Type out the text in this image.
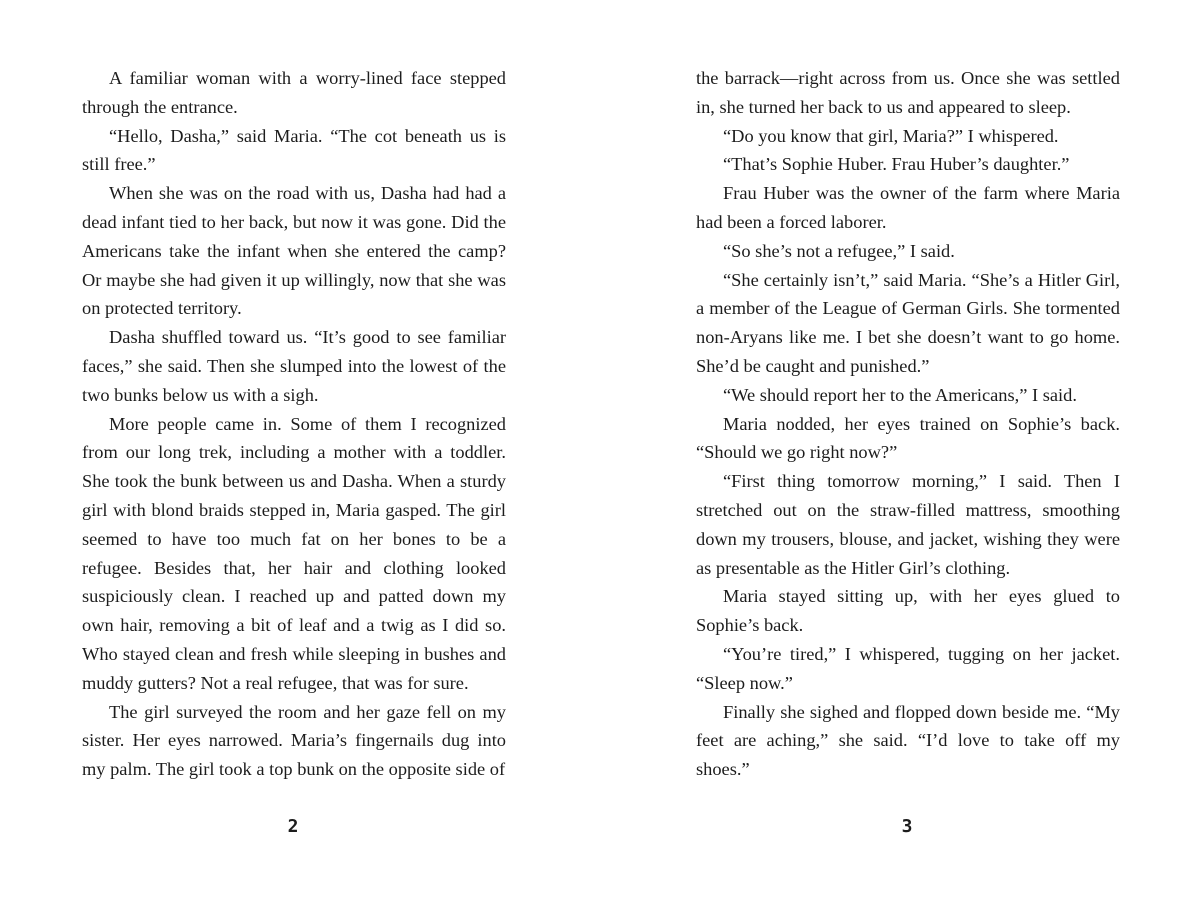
A familiar woman with a worry-lined face stepped through the entrance.

“Hello, Dasha,” said Maria. “The cot beneath us is still free.”

When she was on the road with us, Dasha had had a dead infant tied to her back, but now it was gone. Did the Americans take the infant when she entered the camp? Or maybe she had given it up willingly, now that she was on protected territory.

Dasha shuffled toward us. “It’s good to see familiar faces,” she said. Then she slumped into the lowest of the two bunks below us with a sigh.

More people came in. Some of them I recognized from our long trek, including a mother with a toddler. She took the bunk between us and Dasha. When a sturdy girl with blond braids stepped in, Maria gasped. The girl seemed to have too much fat on her bones to be a refugee. Besides that, her hair and clothing looked suspiciously clean. I reached up and patted down my own hair, removing a bit of leaf and a twig as I did so. Who stayed clean and fresh while sleeping in bushes and muddy gutters? Not a real refugee, that was for sure.

The girl surveyed the room and her gaze fell on my sister. Her eyes narrowed. Maria’s fingernails dug into my palm. The girl took a top bunk on the opposite side of

2

the barrack—right across from us. Once she was settled in, she turned her back to us and appeared to sleep.

“Do you know that girl, Maria?” I whispered.

“That’s Sophie Huber. Frau Huber’s daughter.”

Frau Huber was the owner of the farm where Maria had been a forced laborer.

“So she’s not a refugee,” I said.

“She certainly isn’t,” said Maria. “She’s a Hitler Girl, a member of the League of German Girls. She tormented non-Aryans like me. I bet she doesn’t want to go home. She’d be caught and punished.”

“We should report her to the Americans,” I said.

Maria nodded, her eyes trained on Sophie’s back. “Should we go right now?”

“First thing tomorrow morning,” I said. Then I stretched out on the straw-filled mattress, smoothing down my trousers, blouse, and jacket, wishing they were as presentable as the Hitler Girl’s clothing.

Maria stayed sitting up, with her eyes glued to Sophie’s back.

“You’re tired,” I whispered, tugging on her jacket. “Sleep now.”

Finally she sighed and flopped down beside me. “My feet are aching,” she said. “I’d love to take off my shoes.”

3
